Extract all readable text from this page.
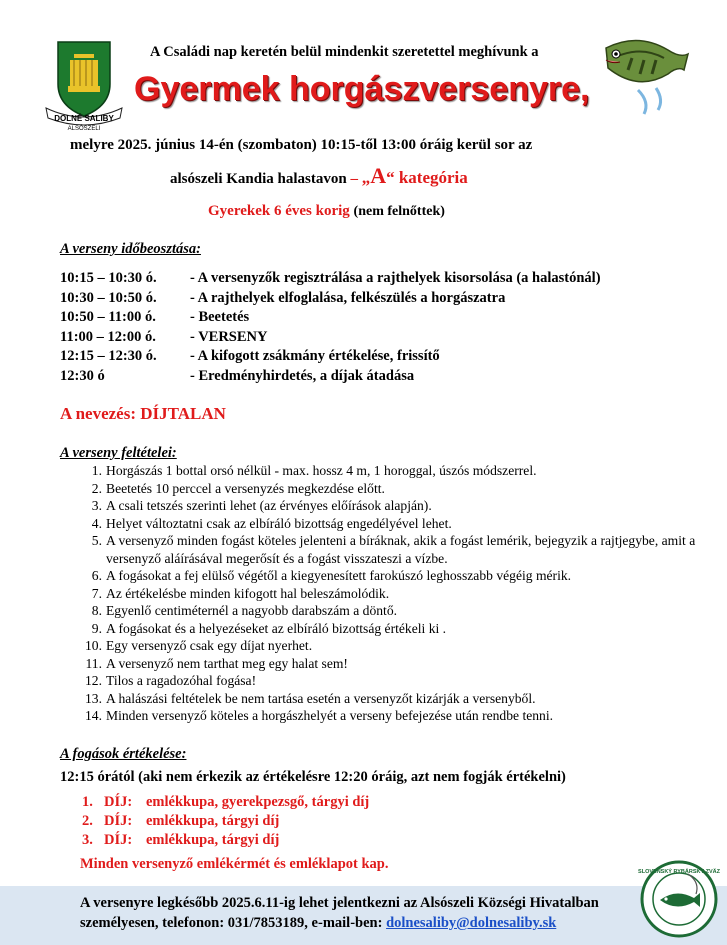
DOLNÉ SALIBY
ALSÓSZELI
A Családi nap keretén belül mindenkit szeretettel meghívunk a
Gyermek horgászversenyre,
melyre 2025. június 14-én (szombaton) 10:15-től 13:00 óráig kerül sor az
alsószeli Kandia halastavon – „A“ kategória
Gyerekek 6 éves korig (nem felnőttek)
A verseny időbeosztása:
10:15 – 10:30 ó.	- A versenyzők regisztrálása a rajthelyek kisorsolása (a halastónál)
10:30 – 10:50 ó.	- A rajthelyek elfoglalása, felkészülés a horgászatra
10:50 – 11:00 ó.	- Beetetés
11:00 – 12:00 ó.	- VERSENY
12:15 – 12:30 ó.	- A kifogott zsákmány értékelése, frissítő
12:30 ó	- Eredményhirdetés, a díjak átadása
A nevezés: DÍJTALAN
A verseny feltételei:
1. Horgászás 1 bottal orsó nélkül - max. hossz 4 m, 1 horoggal, úszós módszerrel.
2. Beetetés 10 perccel a versenyzés megkezdése előtt.
3. A csali tetszés szerinti lehet (az érvényes előírások alapján).
4. Helyet változtatni csak az elbíráló bizottság engedélyével lehet.
5. A versenyző minden fogást köteles jelenteni a bíráknak, akik a fogást lemérik, bejegyzik a rajtjegybe, amit a versenyző aláírásával megerősít és a fogást visszateszi a vízbe.
6. A fogásokat a fej elülső végétől a kiegyenesített farokúszó leghosszabb végéig mérik.
7. Az értékelésbe minden kifogott hal beleszámolódik.
8. Egyenlő centiméternél a nagyobb darabszám a döntő.
9. A fogásokat és a helyezéseket az elbíráló bizottság értékeli ki .
10. Egy versenyző csak egy díjat nyerhet.
11. A versenyző nem tarthat meg egy halat sem!
12. Tilos a ragadozóhal fogása!
13. A halászási feltételek be nem tartása esetén a versenyzőt kizárják a versenyből.
14. Minden versenyző köteles a horgászhelyét a verseny befejezése után rendbe tenni.
A fogások értékelése:
12:15 órától (aki nem érkezik az értékelésre 12:20 óráig, azt nem fogják értékelni)
1. DÍJ: emlékkupa, gyerekpezsgő, tárgyi díj
2. DÍJ: emlékkupa, tárgyi díj
3. DÍJ: emlékkupa, tárgyi díj
Minden versenyző emlékérmét és emléklapot kap.
A versenyre legkésőbb 2025.6.11-ig lehet jelentkezni az Alsószeli Községi Hivatalban
személyesen, telefonon: 031/7853189, e-mail-ben: dolnesaliby@dolnesaliby.sk
SLOVENSKÝ RYBÁRSKY ZVÄZ
